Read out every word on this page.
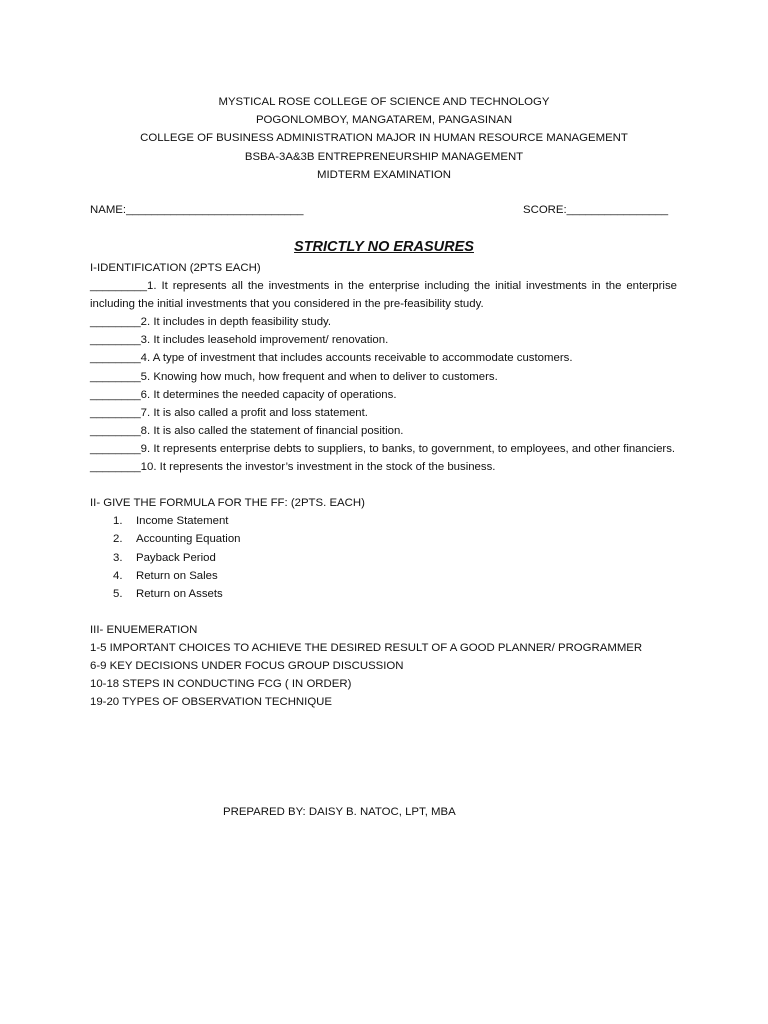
MYSTICAL ROSE COLLEGE OF SCIENCE AND TECHNOLOGY
POGONLOMBOY, MANGATAREM, PANGASINAN
COLLEGE OF BUSINESS ADMINISTRATION MAJOR IN HUMAN RESOURCE MANAGEMENT
BSBA-3A&3B ENTREPRENEURSHIP MANAGEMENT
MIDTERM EXAMINATION
NAME:____________________________	SCORE:________________
STRICTLY NO ERASURES
I-IDENTIFICATION (2PTS EACH)
_________1. It represents all the investments in the enterprise including the initial investments in the enterprise including the initial investments that you considered in the pre-feasibility study.
________2. It includes in depth feasibility study.
________3. It includes leasehold improvement/ renovation.
________4. A type of investment that includes accounts receivable to accommodate customers.
________5. Knowing how much, how frequent and when to deliver to customers.
________6. It determines the needed capacity of operations.
________7. It is also called a profit and loss statement.
________8. It is also called the statement of financial position.
________9. It represents enterprise debts to suppliers, to banks, to government, to employees, and other financiers.
________10. It represents the investor’s investment in the stock of the business.
II- GIVE THE FORMULA FOR THE FF: (2PTS. EACH)
1. Income Statement
2. Accounting Equation
3. Payback Period
4. Return on Sales
5. Return on Assets
III- ENUEMERATION
1-5 IMPORTANT CHOICES TO ACHIEVE THE DESIRED RESULT OF A GOOD PLANNER/ PROGRAMMER
6-9 KEY DECISIONS UNDER FOCUS GROUP DISCUSSION
10-18 STEPS IN CONDUCTING FCG ( IN ORDER)
19-20 TYPES OF OBSERVATION TECHNIQUE
PREPARED BY: DAISY B. NATOC, LPT, MBA
